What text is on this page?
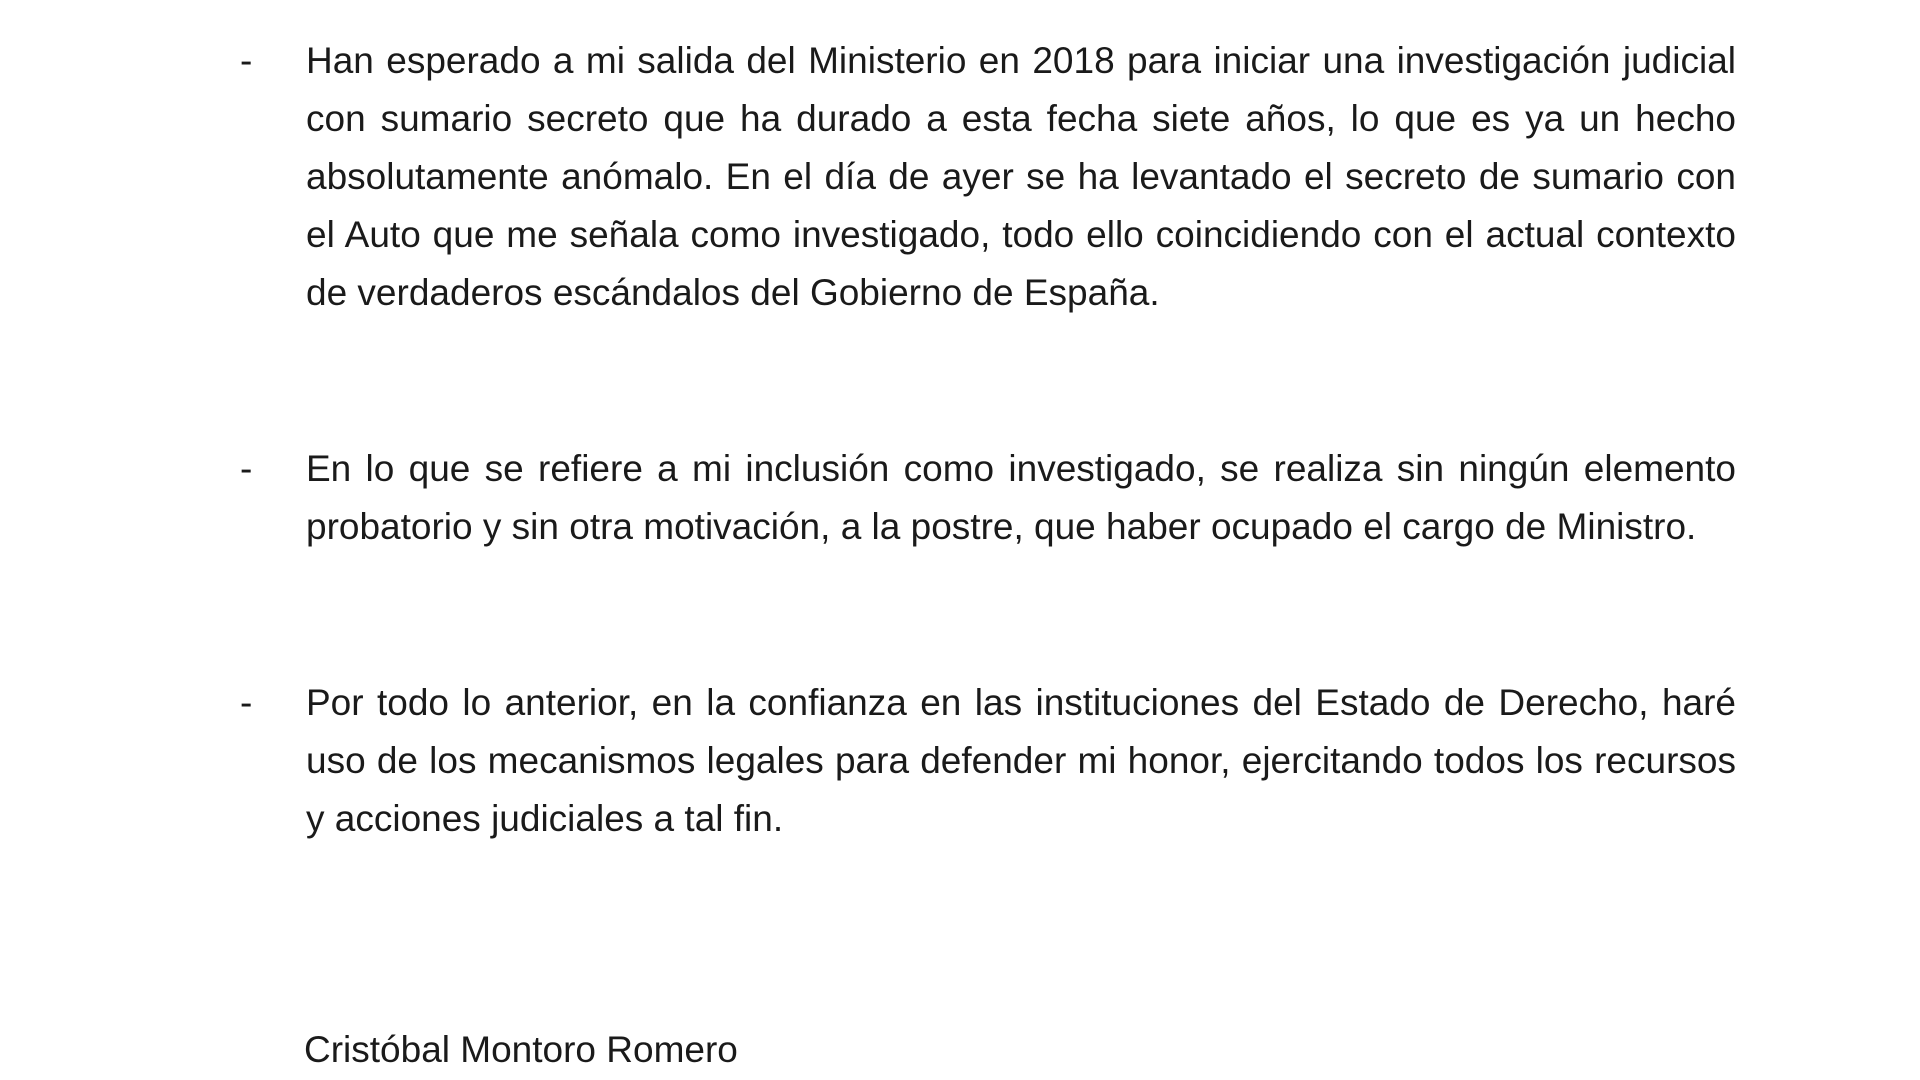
- Han esperado a mi salida del Ministerio en 2018 para iniciar una investigación judicial con sumario secreto que ha durado a esta fecha siete años, lo que es ya un hecho absolutamente anómalo. En el día de ayer se ha levantado el secreto de sumario con el Auto que me señala como investigado, todo ello coincidiendo con el actual contexto de verdaderos escándalos del Gobierno de España.

- En lo que se refiere a mi inclusión como investigado, se realiza sin ningún elemento probatorio y sin otra motivación, a la postre, que haber ocupado el cargo de Ministro.

- Por todo lo anterior, en la confianza en las instituciones del Estado de Derecho, haré uso de los mecanismos legales para defender mi honor, ejercitando todos los recursos y acciones judiciales a tal fin.

Cristóbal Montoro Romero
